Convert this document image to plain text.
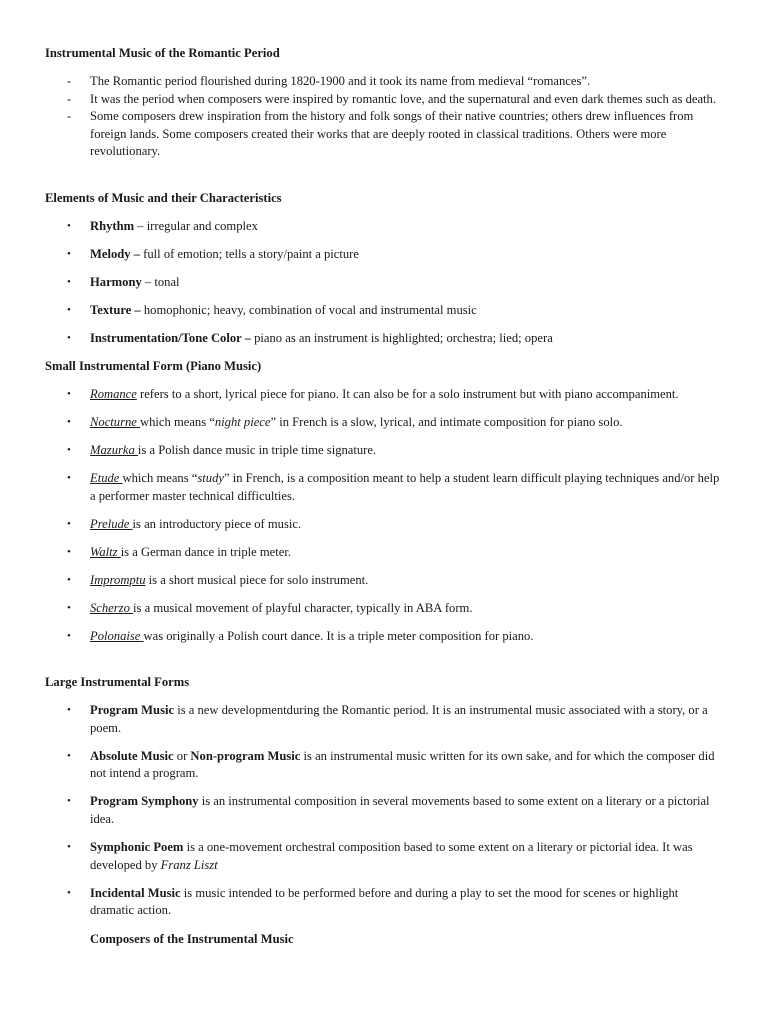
Instrumental Music of the Romantic Period

- The Romantic period flourished during 1820-1900 and it took its name from medieval “romances”.
- It was the period when composers were inspired by romantic love, and the supernatural and even dark themes such as death.
- Some composers drew inspiration from the history and folk songs of their native countries; others drew influences from foreign lands. Some composers created their works that are deeply rooted in classical traditions. Others were more revolutionary.

Elements of Music and their Characteristics

• Rhythm – irregular and complex
• Melody – full of emotion; tells a story/paint a picture
• Harmony – tonal
• Texture – homophonic; heavy, combination of vocal and instrumental music
• Instrumentation/Tone Color – piano as an instrument is highlighted; orchestra; lied; opera

Small Instrumental Form (Piano Music)

• Romance refers to a short, lyrical piece for piano. It can also be for a solo instrument but with piano accompaniment.
• Nocturne which means “night piece” in French is a slow, lyrical, and intimate composition for piano solo.
• Mazurka is a Polish dance music in triple time signature.
• Etude which means “study” in French, is a composition meant to help a student learn difficult playing techniques and/or help a performer master technical difficulties.
• Prelude is an introductory piece of music.
• Waltz is a German dance in triple meter.
• Impromptu is a short musical piece for solo instrument.
• Scherzo is a musical movement of playful character, typically in ABA form.
• Polonaise was originally a Polish court dance. It is a triple meter composition for piano.

Large Instrumental Forms

• Program Music is a new developmentduring the Romantic period. It is an instrumental music associated with a story, or a poem.
• Absolute Music or Non-program Music is an instrumental music written for its own sake, and for which the composer did not intend a program.
• Program Symphony is an instrumental composition in several movements based to some extent on a literary or a pictorial idea.
• Symphonic Poem is a one-movement orchestral composition based to some extent on a literary or pictorial idea. It was developed by Franz Liszt
• Incidental Music is music intended to be performed before and during a play to set the mood for scenes or highlight dramatic action.

Composers of the Instrumental Music
